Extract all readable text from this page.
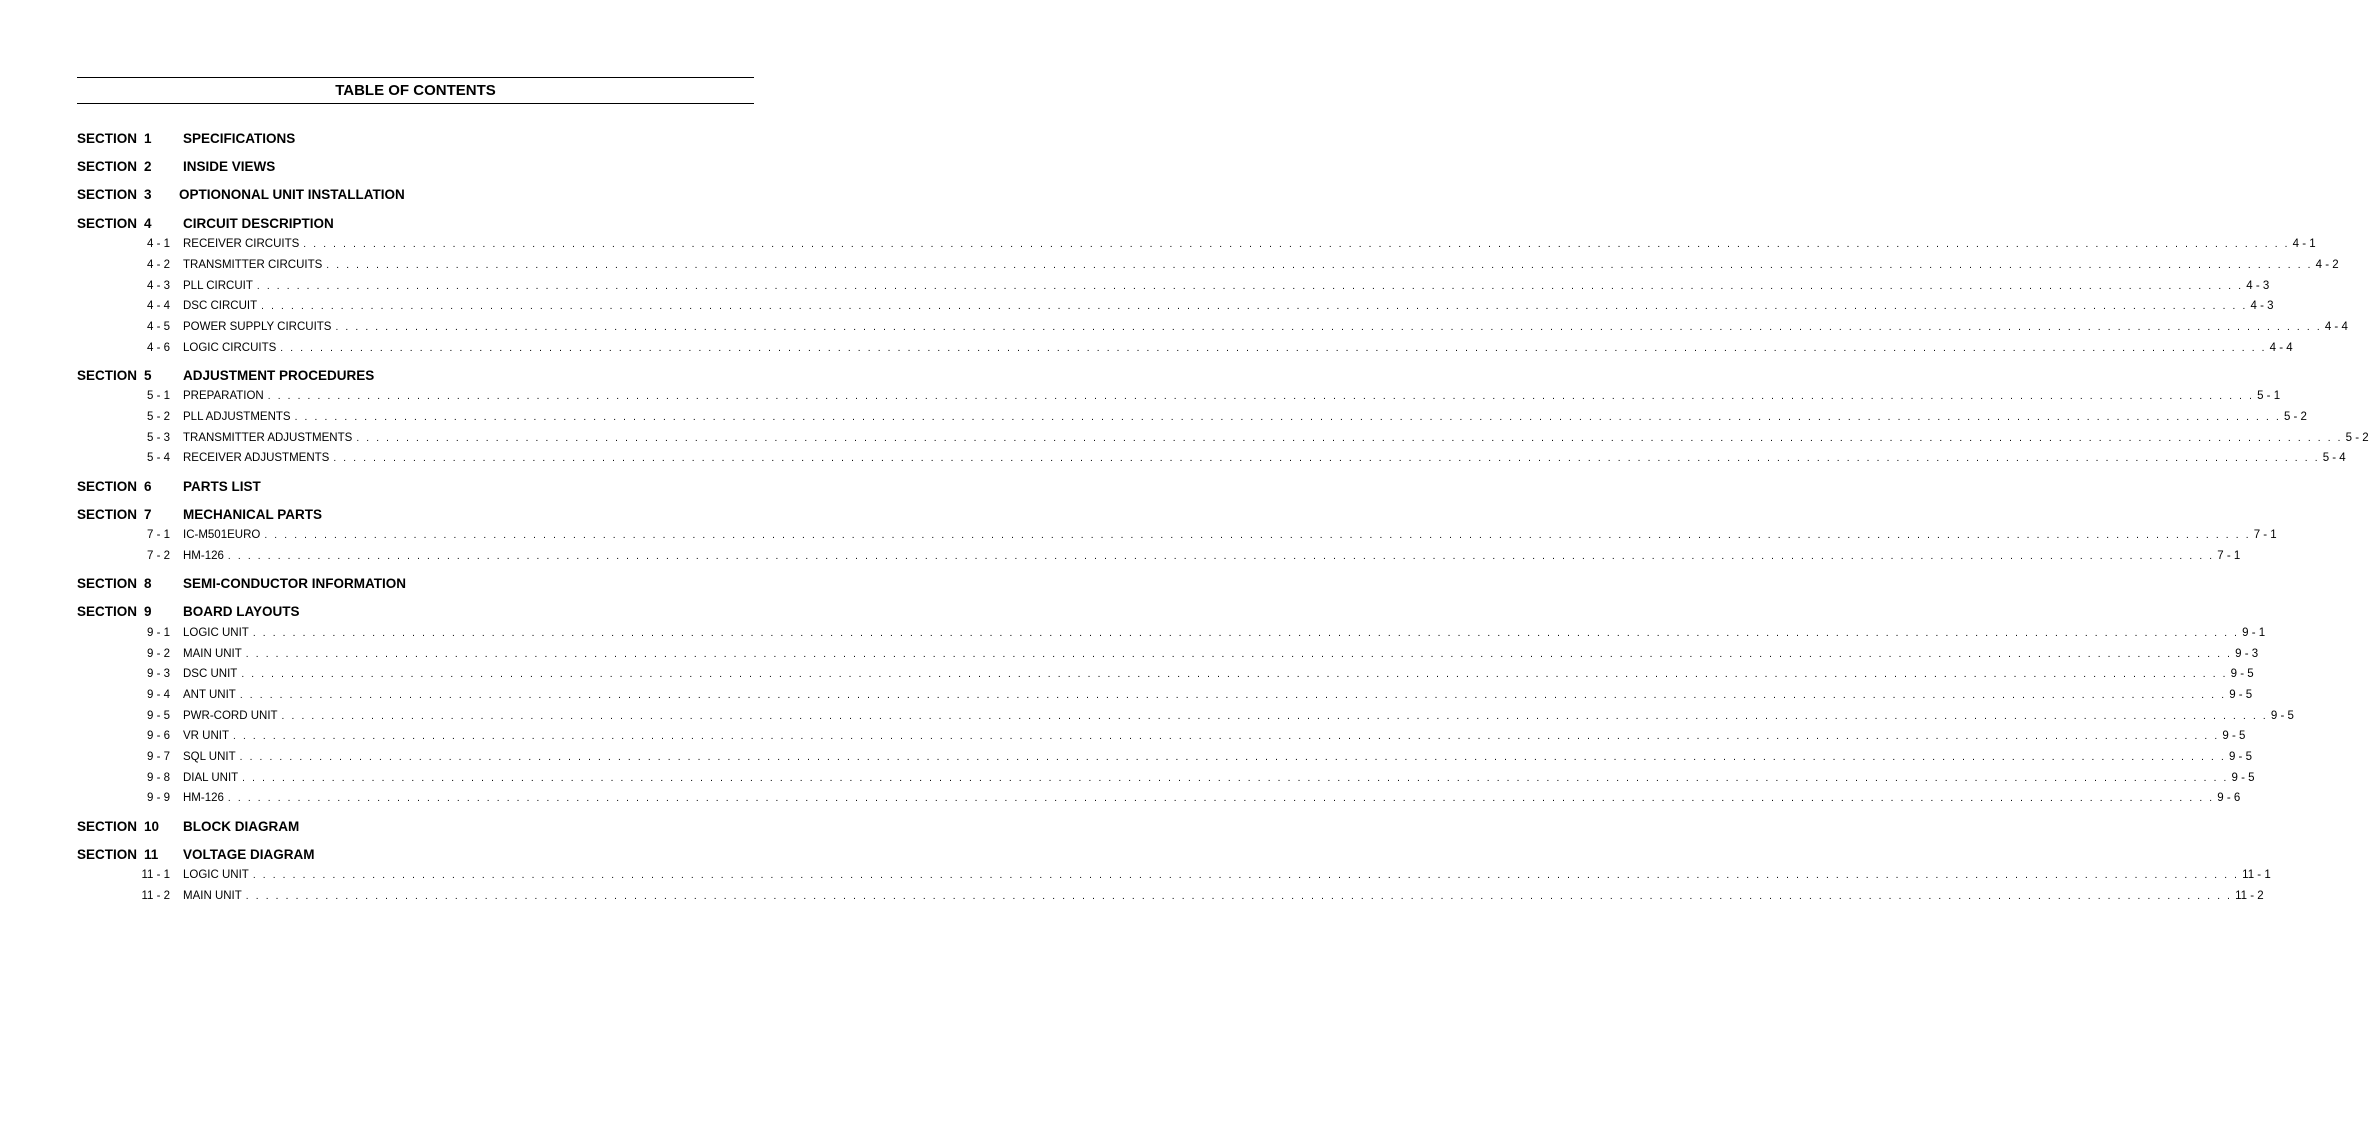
TABLE OF CONTENTS
SECTION 1 SPECIFICATIONS
SECTION 2 INSIDE VIEWS
SECTION 3 OPTIONONAL UNIT INSTALLATION
SECTION 4 CIRCUIT DESCRIPTION
4 - 1 RECEIVER CIRCUITS . . . . . . . . . . . . . . . . . . . . . . . . . . . . . . . . . . . . . . . . . . . . . . . . . . . . . . . . . . . . . . . . . . . . . . . . . . . . . . . . . . . . . . . . . . . . . . . . . . . . . . . . . . . . . . . . . . . . . . . . . . . . . . . . . . . . . . . . . . . . . . . . . . . . . . . . . . . . . . . . . . . . . . . . . . . . . . . . . . . . . . . . . . . . . . . . . . . . . . . . 4 - 1
4 - 2 TRANSMITTER CIRCUITS . . . . . . . . . . . . . . . . . . . . . . . . . . . . . . . . . . . . . . . . . . . . . . . . . . . . . . . . . . . . . . . . . . . . . . . . . . . . . . . . . . . . . . . . . . . . . . . . . . . . . . . . . . . . . . . . . . . . . . . . . . . . . . . . . . . . . . . . . . . . . . . . . . . . . . . . . . . . . . . . . . . . . . . . . . . . . . . . . . . . . . . . . . . . . . . . . . . . . . . . 4 - 2
4 - 3 PLL CIRCUIT . . . . . . . . . . . . . . . . . . . . . . . . . . . . . . . . . . . . . . . . . . . . . . . . . . . . . . . . . . . . . . . . . . . . . . . . . . . . . . . . . . . . . . . . . . . . . . . . . . . . . . . . . . . . . . . . . . . . . . . . . . . . . . . . . . . . . . . . . . . . . . . . . . . . . . . . . . . . . . . . . . . . . . . . . . . . . . . . . . . . . . . . . . . . . . . . . . . . . . . . 4 - 3
4 - 4 DSC CIRCUIT . . . . . . . . . . . . . . . . . . . . . . . . . . . . . . . . . . . . . . . . . . . . . . . . . . . . . . . . . . . . . . . . . . . . . . . . . . . . . . . . . . . . . . . . . . . . . . . . . . . . . . . . . . . . . . . . . . . . . . . . . . . . . . . . . . . . . . . . . . . . . . . . . . . . . . . . . . . . . . . . . . . . . . . . . . . . . . . . . . . . . . . . . . . . . . . . . . . . . . . . 4 - 3
4 - 5 POWER SUPPLY CIRCUITS . . . . . . . . . . . . . . . . . . . . . . . . . . . . . . . . . . . . . . . . . . . . . . . . . . . . . . . . . . . . . . . . . . . . . . . . . . . . . . . . . . . . . . . . . . . . . . . . . . . . . . . . . . . . . . . . . . . . . . . . . . . . . . . . . . . . . . . . . . . . . . . . . . . . . . . . . . . . . . . . . . . . . . . . . . . . . . . . . . . . . . . . . . . . . . . . . . . . . . . . 4 - 4
4 - 6 LOGIC CIRCUITS . . . . . . . . . . . . . . . . . . . . . . . . . . . . . . . . . . . . . . . . . . . . . . . . . . . . . . . . . . . . . . . . . . . . . . . . . . . . . . . . . . . . . . . . . . . . . . . . . . . . . . . . . . . . . . . . . . . . . . . . . . . . . . . . . . . . . . . . . . . . . . . . . . . . . . . . . . . . . . . . . . . . . . . . . . . . . . . . . . . . . . . . . . . . . . . . . . . . . . . . 4 - 4
SECTION 5 ADJUSTMENT PROCEDURES
5 - 1 PREPARATION . . . . . . . . . . . . . . . . . . . . . . . . . . . . . . . . . . . . . . . . . . . . . . . . . . . . . . . . . . . . . . . . . . . . . . . . . . . . . . . . . . . . . . . . . . . . . . . . . . . . . . . . . . . . . . . . . . . . . . . . . . . . . . . . . . . . . . . . . . . . . . . . . . . . . . . . . . . . . . . . . . . . . . . . . . . . . . . . . . . . . . . . . . . . . . . . . . . . . . . . 5 - 1
5 - 2 PLL ADJUSTMENTS . . . . . . . . . . . . . . . . . . . . . . . . . . . . . . . . . . . . . . . . . . . . . . . . . . . . . . . . . . . . . . . . . . . . . . . . . . . . . . . . . . . . . . . . . . . . . . . . . . . . . . . . . . . . . . . . . . . . . . . . . . . . . . . . . . . . . . . . . . . . . . . . . . . . . . . . . . . . . . . . . . . . . . . . . . . . . . . . . . . . . . . . . . . . . . . . . . . . . . . . 5 - 2
5 - 3 TRANSMITTER ADJUSTMENTS . . . . . . . . . . . . . . . . . . . . . . . . . . . . . . . . . . . . . . . . . . . . . . . . . . . . . . . . . . . . . . . . . . . . . . . . . . . . . . . . . . . . . . . . . . . . . . . . . . . . . . . . . . . . . . . . . . . . . . . . . . . . . . . . . . . . . . . . . . . . . . . . . . . . . . . . . . . . . . . . . . . . . . . . . . . . . . . . . . . . . . . . . . . . . . . . . . . . . . . . 5 - 2
5 - 4 RECEIVER ADJUSTMENTS . . . . . . . . . . . . . . . . . . . . . . . . . . . . . . . . . . . . . . . . . . . . . . . . . . . . . . . . . . . . . . . . . . . . . . . . . . . . . . . . . . . . . . . . . . . . . . . . . . . . . . . . . . . . . . . . . . . . . . . . . . . . . . . . . . . . . . . . . . . . . . . . . . . . . . . . . . . . . . . . . . . . . . . . . . . . . . . . . . . . . . . . . . . . . . . . . . . . . . . . 5 - 4
SECTION 6 PARTS LIST
SECTION 7 MECHANICAL PARTS
7 - 1 IC-M501EURO . . . . . . . . . . . . . . . . . . . . . . . . . . . . . . . . . . . . . . . . . . . . . . . . . . . . . . . . . . . . . . . . . . . . . . . . . . . . . . . . . . . . . . . . . . . . . . . . . . . . . . . . . . . . . . . . . . . . . . . . . . . . . . . . . . . . . . . . . . . . . . . . . . . . . . . . . . . . . . . . . . . . . . . . . . . . . . . . . . . . . . . . . . . . . . . . . . . . . . . . 7 - 1
7 - 2 HM-126 . . . . . . . . . . . . . . . . . . . . . . . . . . . . . . . . . . . . . . . . . . . . . . . . . . . . . . . . . . . . . . . . . . . . . . . . . . . . . . . . . . . . . . . . . . . . . . . . . . . . . . . . . . . . . . . . . . . . . . . . . . . . . . . . . . . . . . . . . . . . . . . . . . . . . . . . . . . . . . . . . . . . . . . . . . . . . . . . . . . . . . . . . . . . . . . . . . . . . . . . 7 - 1
SECTION 8 SEMI-CONDUCTOR INFORMATION
SECTION 9 BOARD LAYOUTS
9 - 1 LOGIC UNIT . . . . . . . . . . . . . . . . . . . . . . . . . . . . . . . . . . . . . . . . . . . . . . . . . . . . . . . . . . . . . . . . . . . . . . . . . . . . . . . . . . . . . . . . . . . . . . . . . . . . . . . . . . . . . . . . . . . . . . . . . . . . . . . . . . . . . . . . . . . . . . . . . . . . . . . . . . . . . . . . . . . . . . . . . . . . . . . . . . . . . . . . . . . . . . . . . . . . . . . . 9 - 1
9 - 2 MAIN UNIT . . . . . . . . . . . . . . . . . . . . . . . . . . . . . . . . . . . . . . . . . . . . . . . . . . . . . . . . . . . . . . . . . . . . . . . . . . . . . . . . . . . . . . . . . . . . . . . . . . . . . . . . . . . . . . . . . . . . . . . . . . . . . . . . . . . . . . . . . . . . . . . . . . . . . . . . . . . . . . . . . . . . . . . . . . . . . . . . . . . . . . . . . . . . . . . . . . . . . . . . 9 - 3
9 - 3 DSC UNIT . . . . . . . . . . . . . . . . . . . . . . . . . . . . . . . . . . . . . . . . . . . . . . . . . . . . . . . . . . . . . . . . . . . . . . . . . . . . . . . . . . . . . . . . . . . . . . . . . . . . . . . . . . . . . . . . . . . . . . . . . . . . . . . . . . . . . . . . . . . . . . . . . . . . . . . . . . . . . . . . . . . . . . . . . . . . . . . . . . . . . . . . . . . . . . . . . . . . . . . . 9 - 5
9 - 4 ANT UNIT . . . . . . . . . . . . . . . . . . . . . . . . . . . . . . . . . . . . . . . . . . . . . . . . . . . . . . . . . . . . . . . . . . . . . . . . . . . . . . . . . . . . . . . . . . . . . . . . . . . . . . . . . . . . . . . . . . . . . . . . . . . . . . . . . . . . . . . . . . . . . . . . . . . . . . . . . . . . . . . . . . . . . . . . . . . . . . . . . . . . . . . . . . . . . . . . . . . . . . . . 9 - 5
9 - 5 PWR-CORD UNIT . . . . . . . . . . . . . . . . . . . . . . . . . . . . . . . . . . . . . . . . . . . . . . . . . . . . . . . . . . . . . . . . . . . . . . . . . . . . . . . . . . . . . . . . . . . . . . . . . . . . . . . . . . . . . . . . . . . . . . . . . . . . . . . . . . . . . . . . . . . . . . . . . . . . . . . . . . . . . . . . . . . . . . . . . . . . . . . . . . . . . . . . . . . . . . . . . . . . . . . . 9 - 5
9 - 6 VR UNIT . . . . . . . . . . . . . . . . . . . . . . . . . . . . . . . . . . . . . . . . . . . . . . . . . . . . . . . . . . . . . . . . . . . . . . . . . . . . . . . . . . . . . . . . . . . . . . . . . . . . . . . . . . . . . . . . . . . . . . . . . . . . . . . . . . . . . . . . . . . . . . . . . . . . . . . . . . . . . . . . . . . . . . . . . . . . . . . . . . . . . . . . . . . . . . . . . . . . . . . . 9 - 5
9 - 7 SQL UNIT . . . . . . . . . . . . . . . . . . . . . . . . . . . . . . . . . . . . . . . . . . . . . . . . . . . . . . . . . . . . . . . . . . . . . . . . . . . . . . . . . . . . . . . . . . . . . . . . . . . . . . . . . . . . . . . . . . . . . . . . . . . . . . . . . . . . . . . . . . . . . . . . . . . . . . . . . . . . . . . . . . . . . . . . . . . . . . . . . . . . . . . . . . . . . . . . . . . . . . . . 9 - 5
9 - 8 DIAL UNIT . . . . . . . . . . . . . . . . . . . . . . . . . . . . . . . . . . . . . . . . . . . . . . . . . . . . . . . . . . . . . . . . . . . . . . . . . . . . . . . . . . . . . . . . . . . . . . . . . . . . . . . . . . . . . . . . . . . . . . . . . . . . . . . . . . . . . . . . . . . . . . . . . . . . . . . . . . . . . . . . . . . . . . . . . . . . . . . . . . . . . . . . . . . . . . . . . . . . . . . . 9 - 5
9 - 9 HM-126 . . . . . . . . . . . . . . . . . . . . . . . . . . . . . . . . . . . . . . . . . . . . . . . . . . . . . . . . . . . . . . . . . . . . . . . . . . . . . . . . . . . . . . . . . . . . . . . . . . . . . . . . . . . . . . . . . . . . . . . . . . . . . . . . . . . . . . . . . . . . . . . . . . . . . . . . . . . . . . . . . . . . . . . . . . . . . . . . . . . . . . . . . . . . . . . . . . . . . . . . 9 - 6
SECTION 10 BLOCK DIAGRAM
SECTION 11 VOLTAGE DIAGRAM
11 - 1 LOGIC UNIT . . . . . . . . . . . . . . . . . . . . . . . . . . . . . . . . . . . . . . . . . . . . . . . . . . . . . . . . . . . . . . . . . . . . . . . . . . . . . . . . . . . . . . . . . . . . . . . . . . . . . . . . . . . . . . . . . . . . . . . . . . . . . . . . . . . . . . . . . . . . . . . . . . . . . . . . . . . . . . . . . . . . . . . . . . . . . . . . . . . . . . . . . . . . . . . . . . . . . . . . 11 - 1
11 - 2 MAIN UNIT . . . . . . . . . . . . . . . . . . . . . . . . . . . . . . . . . . . . . . . . . . . . . . . . . . . . . . . . . . . . . . . . . . . . . . . . . . . . . . . . . . . . . . . . . . . . . . . . . . . . . . . . . . . . . . . . . . . . . . . . . . . . . . . . . . . . . . . . . . . . . . . . . . . . . . . . . . . . . . . . . . . . . . . . . . . . . . . . . . . . . . . . . . . . . . . . . . . . . . . . 11 - 2
